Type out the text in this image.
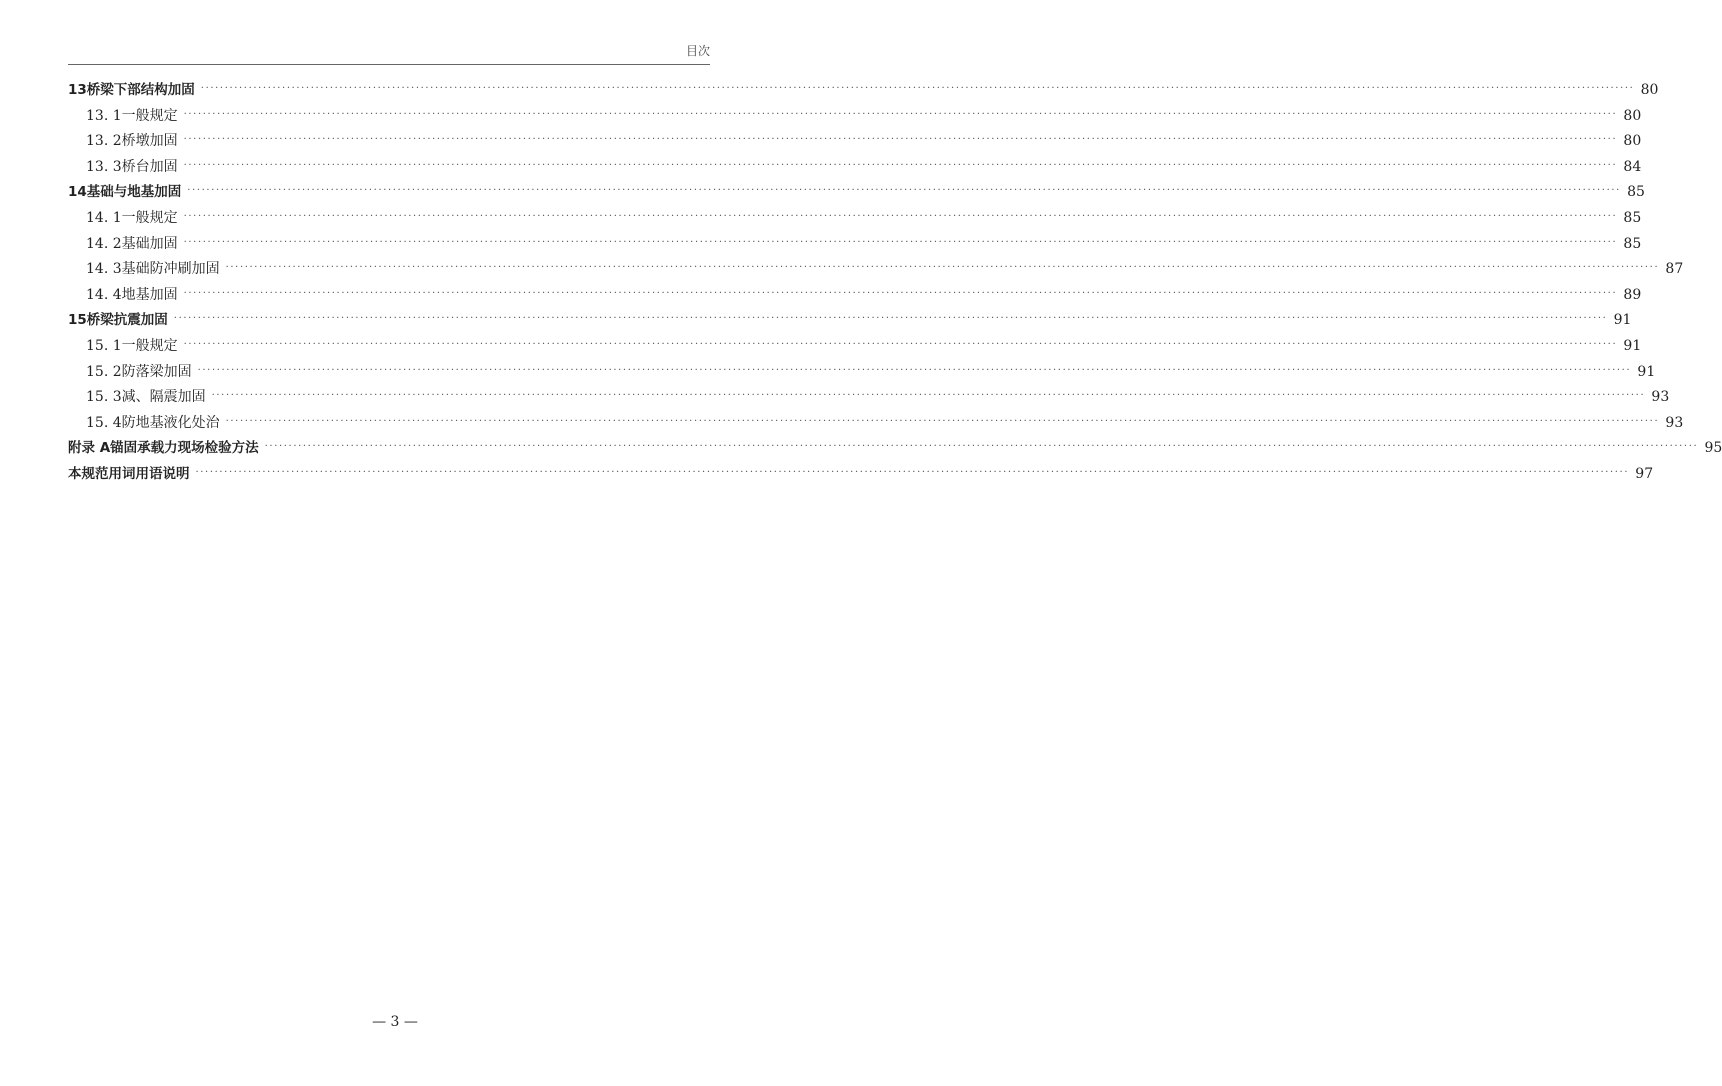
目次
13 桥梁下部结构加固 ············································································································································································································································································································ 80
13. 1 一般规定 ············································································································································································································································································································ 80
13. 2 桥墩加固 ············································································································································································································································································································ 80
13. 3 桥台加固 ············································································································································································································································································································ 84
14 基础与地基加固 ············································································································································································································································································································ 85
14. 1 一般规定 ············································································································································································································································································································ 85
14. 2 基础加固 ············································································································································································································································································································ 85
14. 3 基础防冲刷加固 ············································································································································································································································································································ 87
14. 4 地基加固 ············································································································································································································································································································ 89
15 桥梁抗震加固 ············································································································································································································································································································ 91
15. 1 一般规定 ············································································································································································································································································································ 91
15. 2 防落梁加固 ············································································································································································································································································································ 91
15. 3 减、隔震加固 ············································································································································································································································································································ 93
15. 4 防地基液化处治 ············································································································································································································································································································ 93
附录 A 锚固承载力现场检验方法 ············································································································································································································································································································ 95
本规范用词用语说明 ············································································································································································································································································································ 97
— 3 —
